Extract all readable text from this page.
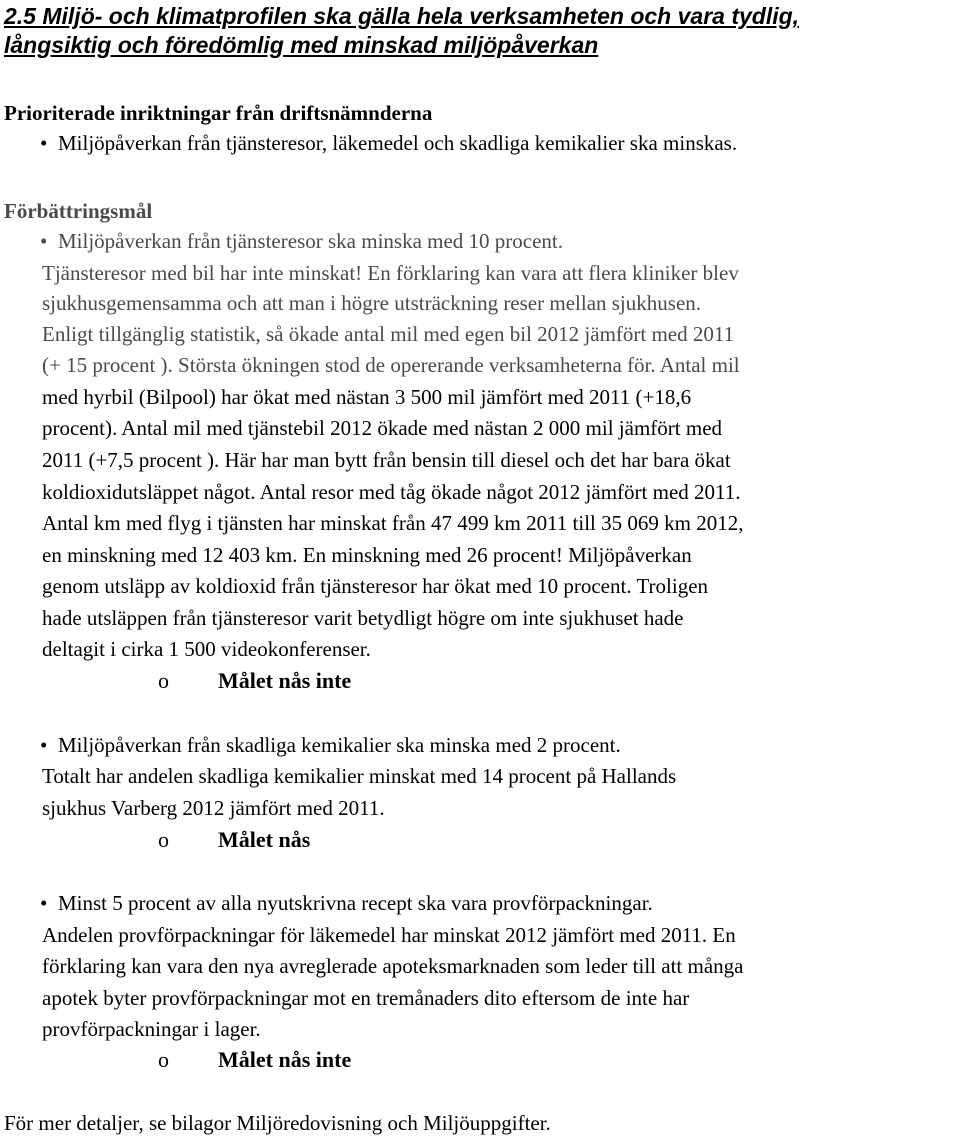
2.5 Miljö- och klimatprofilen ska gälla hela verksamheten och vara tydlig,
långsiktig och föredömlig med minskad miljöpåverkan
Prioriterade inriktningar från driftsnämnderna
• Miljöpåverkan från tjänsteresor, läkemedel och skadliga kemikalier ska minskas.
Förbättringsmål
• Miljöpåverkan från tjänsteresor ska minska med 10 procent.
Tjänsteresor med bil har inte minskat! En förklaring kan vara att flera kliniker blev
sjukhusgemensamma och att man i högre utsträckning reser mellan sjukhusen.
Enligt tillgänglig statistik, så ökade antal mil med egen bil 2012 jämfört med 2011
(+ 15 procent ). Största ökningen stod de opererande verksamheterna för. Antal mil
med hyrbil (Bilpool) har ökat med nästan 3 500 mil jämfört med 2011 (+18,6
procent). Antal mil med tjänstebil 2012 ökade med nästan 2 000 mil jämfört med
2011 (+7,5 procent ). Här har man bytt från bensin till diesel och det har bara ökat
koldioxidutsläppet något. Antal resor med tåg ökade något 2012 jämfört med 2011.
Antal km med flyg i tjänsten har minskat från 47 499 km 2011 till 35 069 km 2012,
en minskning med 12 403 km. En minskning med 26 procent! Miljöpåverkan
genom utsläpp av koldioxid från tjänsteresor har ökat med 10 procent. Troligen
hade utsläppen från tjänsteresor varit betydligt högre om inte sjukhuset hade
deltagit i cirka 1 500 videokonferenser.
o Målet nås inte
• Miljöpåverkan från skadliga kemikalier ska minska med 2 procent.
Totalt har andelen skadliga kemikalier minskat med 14 procent på Hallands
sjukhus Varberg 2012 jämfört med 2011.
o Målet nås
• Minst 5 procent av alla nyutskrivna recept ska vara provförpackningar.
Andelen provförpackningar för läkemedel har minskat 2012 jämfört med 2011. En
förklaring kan vara den nya avreglerade apoteksmarknaden som leder till att många
apotek byter provförpackningar mot en tremånaders dito eftersom de inte har
provförpackningar i lager.
o Målet nås inte
För mer detaljer, se bilagor Miljöredovisning och Miljöuppgifter.
